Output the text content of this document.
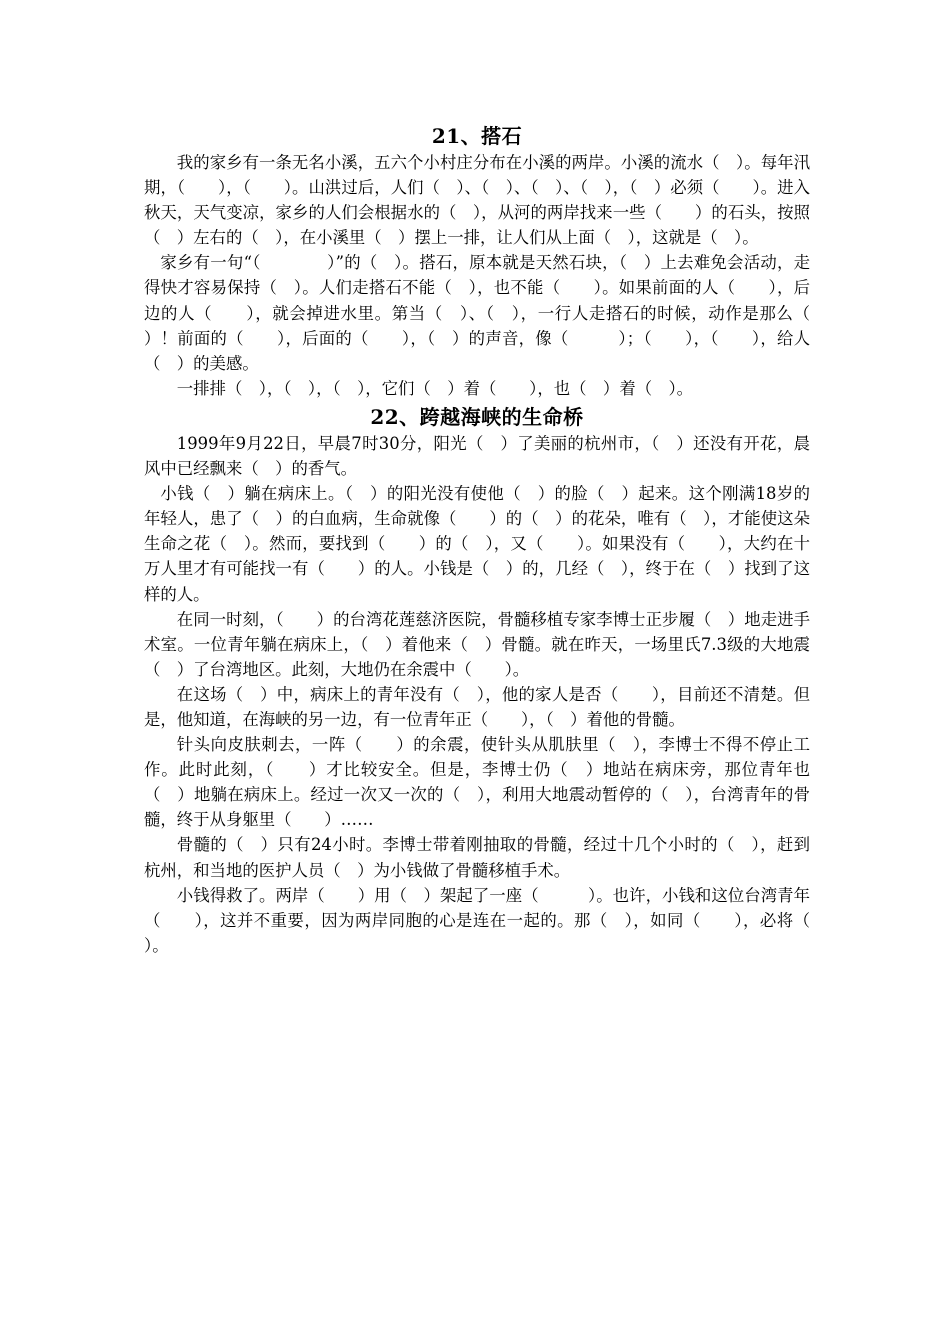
21、搭石

我的家乡有一条无名小溪，五六个小村庄分布在小溪的两岸。小溪的流水（　）。每年汛期，（　　），（　　）。山洪过后，人们（　）、（　）、（　）、（　），（　）必须（　　）。进入秋天，天气变凉，家乡的人们会根据水的（　），从河的两岸找来一些（　　）的石头，按照（　）左右的（　），在小溪里（　）摆上一排，让人们从上面（　），这就是（　）。

家乡有一句“（　　　　）”的（　）。搭石，原本就是天然石块，（　）上去难免会活动，走得快才容易保持（　）。人们走搭石不能（　），也不能（　　）。如果前面的人（　　），后边的人（　　），就会掉进水里。第当（　）、（　），一行人走搭石的时候，动作是那么（　　）！前面的（　　），后面的（　　），（　）的声音，像（　　　）；（　　），（　　），给人（　）的美感。

一排排（　），（　），（　），它们（　）着（　　），也（　）着（　）。

22、跨越海峡的生命桥

1999年9月22日，早晨7时30分，阳光（　）了美丽的杭州市，（　）还没有开花，晨风中已经飘来（　）的香气。

小钱（　）躺在病床上。（　）的阳光没有使他（　）的脸（　）起来。这个刚满18岁的年轻人，患了（　）的白血病，生命就像（　　）的（　）的花朵，唯有（　），才能使这朵生命之花（　）。然而，要找到（　　）的（　），又（　　）。如果没有（　　），大约在十万人里才有可能找一有（　　）的人。小钱是（　）的，几经（　），终于在（　）找到了这样的人。

在同一时刻，（　　）的台湾花莲慈济医院，骨髓移植专家李博士正步履（　）地走进手术室。一位青年躺在病床上，（　）着他来（　）骨髓。就在昨天，一场里氏7.3级的大地震（　）了台湾地区。此刻，大地仍在余震中（　　）。

在这场（　）中，病床上的青年没有（　），他的家人是否（　　），目前还不清楚。但是，他知道，在海峡的另一边，有一位青年正（　　），（　）着他的骨髓。

针头向皮肤刺去，一阵（　　）的余震，使针头从肌肤里（　），李博士不得不停止工作。此时此刻，（　　）才比较安全。但是，李博士仍（　）地站在病床旁，那位青年也（　）地躺在病床上。经过一次又一次的（　），利用大地震动暂停的（　），台湾青年的骨髓，终于从身躯里（　　）……

骨髓的（　）只有24小时。李博士带着刚抽取的骨髓，经过十几个小时的（　），赶到杭州，和当地的医护人员（　）为小钱做了骨髓移植手术。

小钱得救了。两岸（　　）用（　）架起了一座（　　　）。也许，小钱和这位台湾青年（　　），这并不重要，因为两岸同胞的心是连在一起的。那（　），如同（　　），必将（　　　）。
